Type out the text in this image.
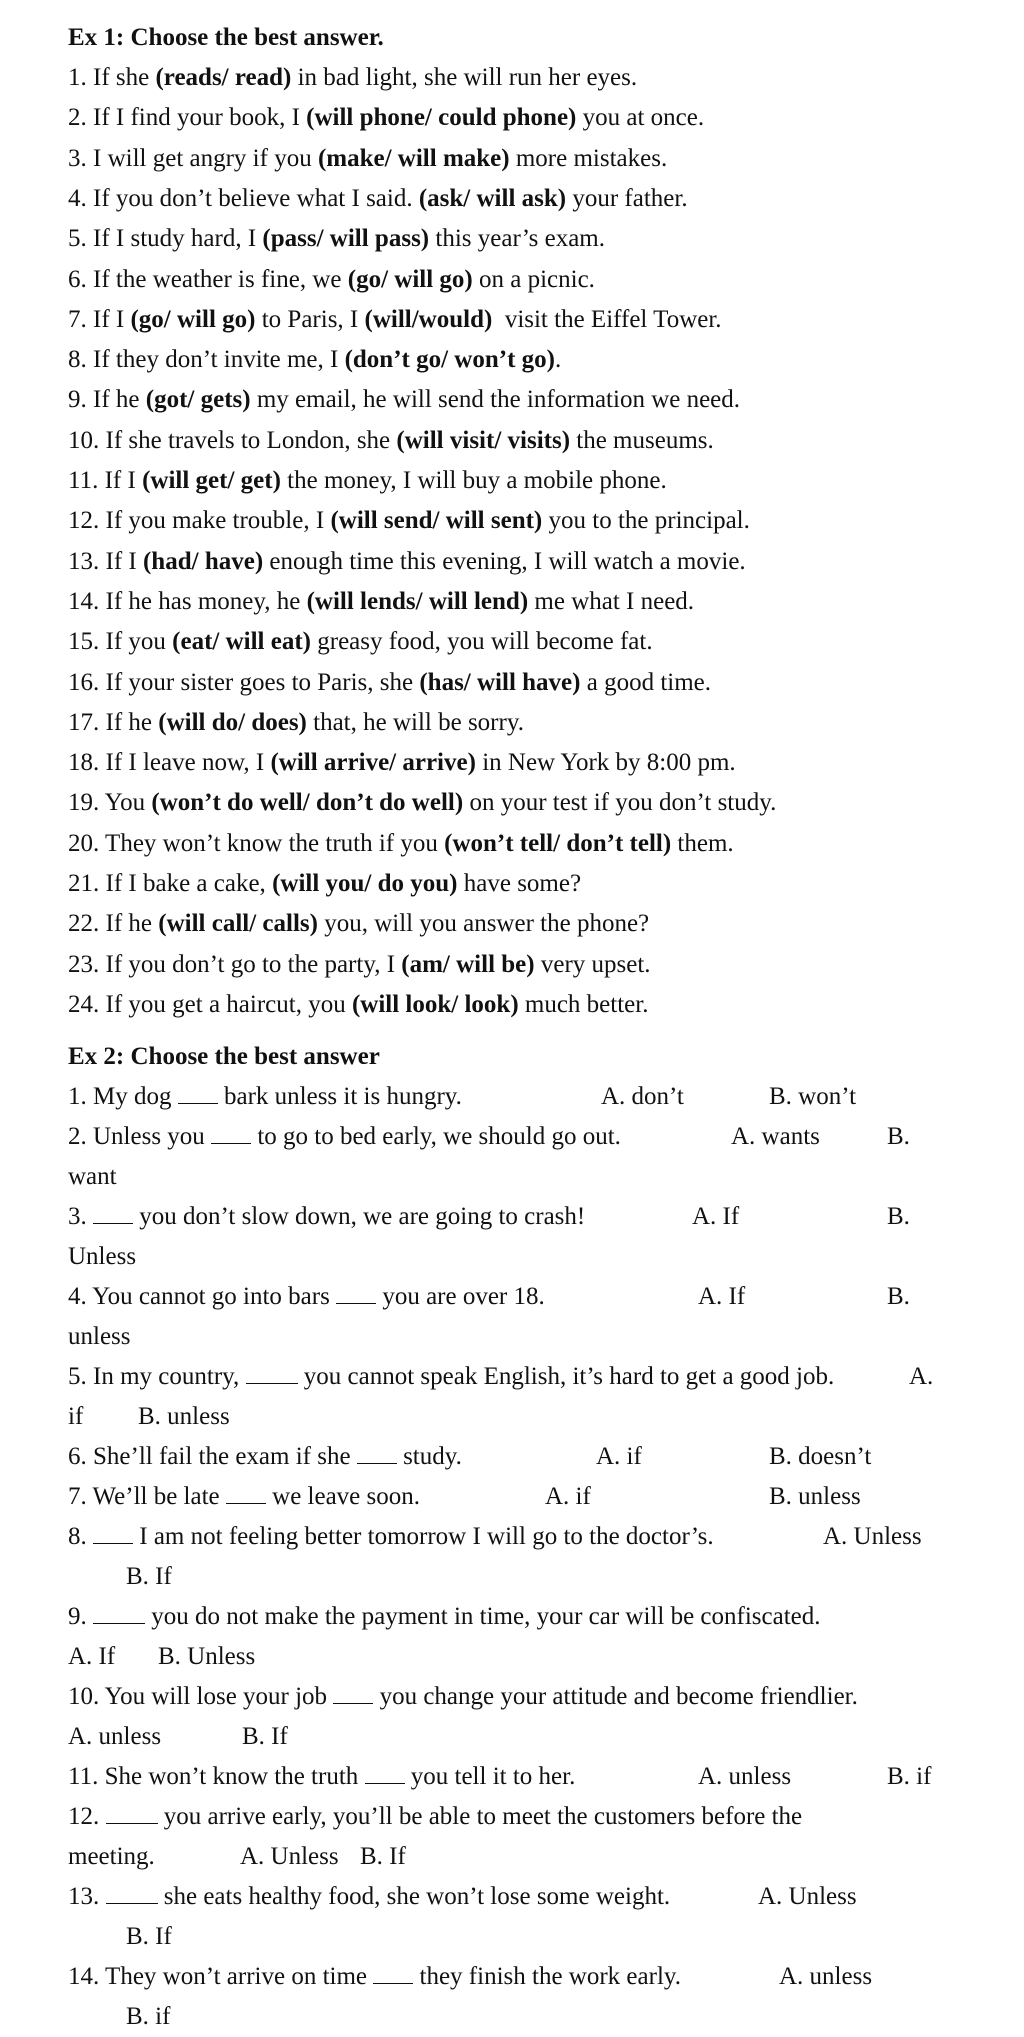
Ex 1: Choose the best answer.
1. If she (reads/ read) in bad light, she will run her eyes.
2. If I find your book, I (will phone/ could phone) you at once.
3. I will get angry if you (make/ will make) more mistakes.
4. If you don’t believe what I said. (ask/ will ask) your father.
5. If I study hard, I (pass/ will pass) this year’s exam.
6. If the weather is fine, we (go/ will go) on a picnic.
7. If I (go/ will go) to Paris, I (will/would)  visit the Eiffel Tower.
8. If they don’t invite me, I (don’t go/ won’t go).
9. If he (got/ gets) my email, he will send the information we need.
10. If she travels to London, she (will visit/ visits) the museums.
11. If I (will get/ get) the money, I will buy a mobile phone.
12. If you make trouble, I (will send/ will sent) you to the principal.
13. If I (had/ have) enough time this evening, I will watch a movie.
14. If he has money, he (will lends/ will lend) me what I need.
15. If you (eat/ will eat) greasy food, you will become fat.
16. If your sister goes to Paris, she (has/ will have) a good time.
17. If he (will do/ does) that, he will be sorry.
18. If I leave now, I (will arrive/ arrive) in New York by 8:00 pm.
19. You (won’t do well/ don’t do well) on your test if you don’t study.
20. They won’t know the truth if you (won’t tell/ don’t tell) them.
21. If I bake a cake, (will you/ do you) have some?
22. If he (will call/ calls) you, will you answer the phone?
23. If you don’t go to the party, I (am/ will be) very upset.
24. If you get a haircut, you (will look/ look) much better.
Ex 2: Choose the best answer
1. My dog  bark unless it is hungry.	A. don’t	B. won’t
2. Unless you  to go to bed early, we should go out.	A. wants	B.
want
3.  you don’t slow down, we are going to crash!	A. If	B.
Unless
4. You cannot go into bars  you are over 18.	A. If	B.
unless
5. In my country,  you cannot speak English, it’s hard to get a good job.	A.
if B. unless
6. She’ll fail the exam if she  study.	A. if	B. doesn’t
7. We’ll be late  we leave soon.	A. if	B. unless
8.  I am not feeling better tomorrow I will go to the doctor’s.	A. Unless
B. If
9.  you do not make the payment in time, your car will be confiscated.
A. If B. Unless
10. You will lose your job  you change your attitude and become friendlier.
A. unless	B. If
11. She won’t know the truth  you tell it to her.	A. unless	B. if
12.  you arrive early, you’ll be able to meet the customers before the
meeting.	A. Unless B. If
13.  she eats healthy food, she won’t lose some weight.	A. Unless
B. If
14. They won’t arrive on time  they finish the work early.	A. unless
B. if
